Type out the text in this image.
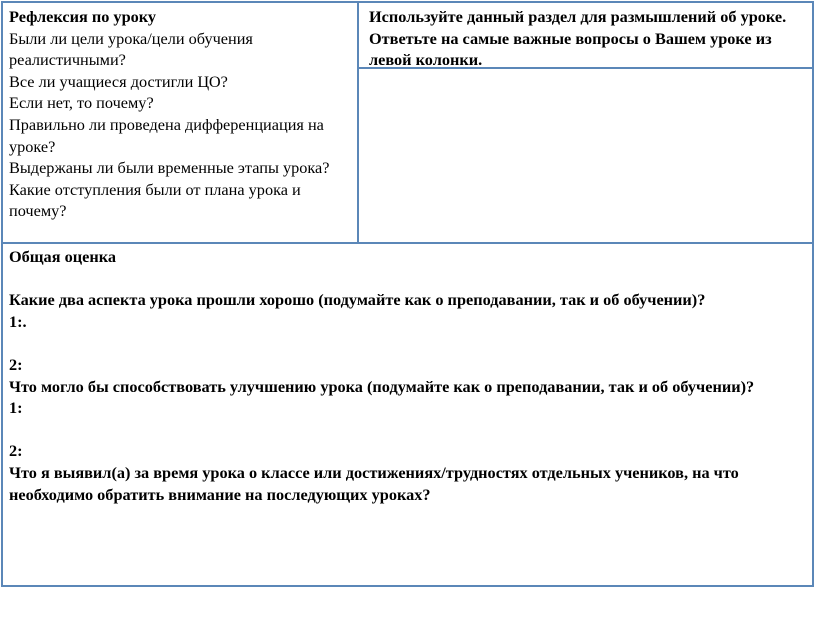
Рефлексия по уроку
Были ли цели урока/цели обучения реалистичными?
Все ли учащиеся достигли ЦО?
Если нет, то почему?
Правильно ли проведена дифференциация на уроке?
Выдержаны ли были временные этапы урока?
Какие отступления были от плана урока и почему?
Используйте данный раздел для размышлений об уроке. Ответьте на самые важные вопросы о Вашем уроке из левой колонки.
Общая оценка
Какие два аспекта урока прошли хорошо (подумайте как о преподавании, так и об обучении)?
1:.
2:
Что могло бы способствовать улучшению урока (подумайте как о преподавании, так и об обучении)?
1:
2:
Что я выявил(а) за время урока о классе или достижениях/трудностях отдельных учеников, на что необходимо обратить внимание на последующих уроках?
